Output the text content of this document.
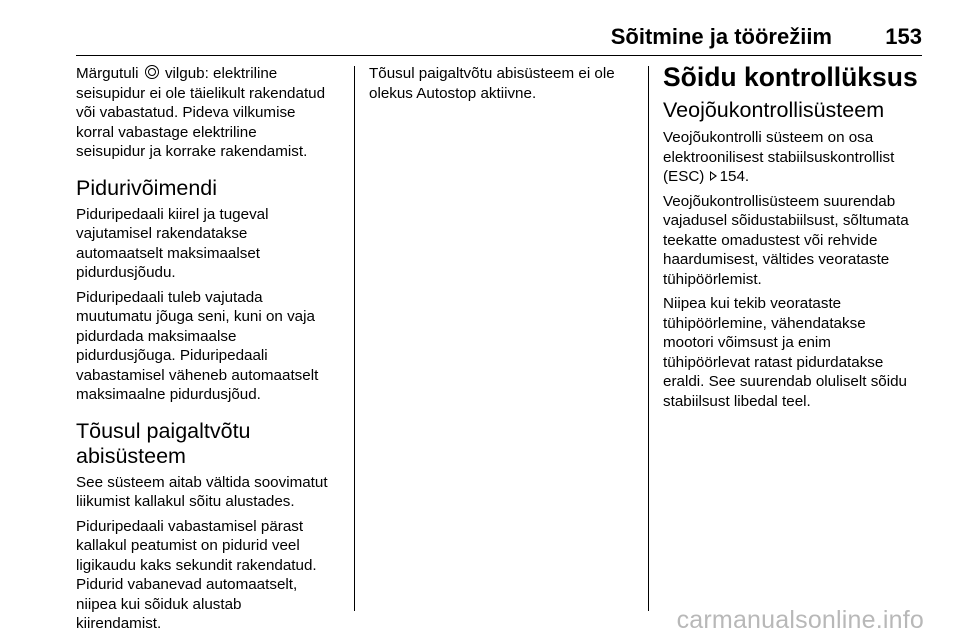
Sõitmine ja töörežiim 153

Märgutuli vilgub: elektriline
seisupidur ei ole täielikult rakendatud
või vabastatud. Pideva vilkumise
korral vabastage elektriline
seisupidur ja korrake rakendamist.

Pidurivõimendi

Piduripedaali kiirel ja tugeval
vajutamisel rakendatakse
automaatselt maksimaalset
pidurdusjõudu.

Piduripedaali tuleb vajutada
muutumatu jõuga seni, kuni on vaja
pidurdada maksimaalse
pidurdusjõuga. Piduripedaali
vabastamisel väheneb automaatselt
maksimaalne pidurdusjõud.

Tõusul paigaltvõtu
abisüsteem

See süsteem aitab vältida soovimatut
liikumist kallakul sõitu alustades.

Piduripedaali vabastamisel pärast
kallakul peatumist on pidurid veel
ligikaudu kaks sekundit rakendatud.
Pidurid vabanevad automaatselt,
niipea kui sõiduk alustab
kiirendamist.

Tõusul paigaltvõtu abisüsteem ei ole
olekus Autostop aktiivne.

Sõidu kontrollüksus
Veojõukontrollisüsteem

Veojõukontrolli süsteem on osa
elektroonilisest stabiilsuskontrollist
(ESC) 154.

Veojõukontrollisüsteem suurendab
vajadusel sõidustabiilsust, sõltumata
teekatte omadustest või rehvide
haardumisest, vältides veorataste
tühipöörlemist.

Niipea kui tekib veorataste
tühipöörlemine, vähendatakse
mootori võimsust ja enim
tühipöörlevat ratast pidurdatakse
eraldi. See suurendab oluliselt sõidu
stabiilsust libedal teel.

carmanualsonline.info
